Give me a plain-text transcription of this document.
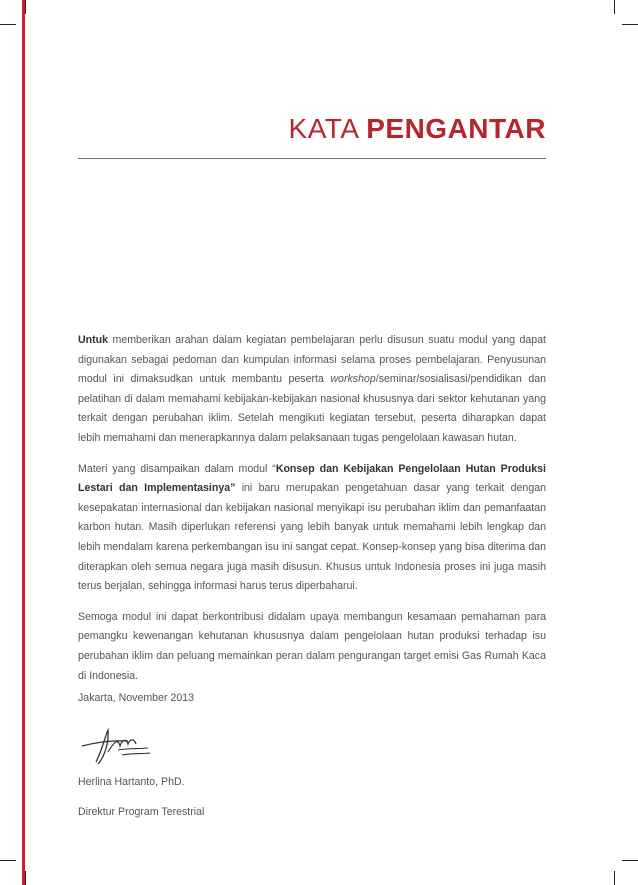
KATA PENGANTAR

Untuk memberikan arahan dalam kegiatan pembelajaran perlu disusun suatu modul yang dapat digunakan sebagai pedoman dan kumpulan informasi selama proses pembelajaran. Penyusunan modul ini dimaksudkan untuk membantu peserta workshop/seminar/sosialisasi/pendidikan dan pelatihan di dalam memahami kebijakan-kebijakan nasional khususnya dari sektor kehutanan yang terkait dengan perubahan iklim. Setelah mengikuti kegiatan tersebut, peserta diharapkan dapat lebih memahami dan menerapkannya dalam pelaksanaan tugas pengelolaan kawasan hutan.

Materi yang disampaikan dalam modul “Konsep dan Kebijakan Pengelolaan Hutan Produksi Lestari dan Implementasinya” ini baru merupakan pengetahuan dasar yang terkait dengan kesepakatan internasional dan kebijakan nasional menyikapi isu perubahan iklim dan pemanfaatan karbon hutan. Masih diperlukan referensi yang lebih banyak untuk memahami lebih lengkap dan lebih mendalam karena perkembangan isu ini sangat cepat. Konsep-konsep yang bisa diterima dan diterapkan oleh semua negara juga masih disusun. Khusus untuk Indonesia proses ini juga masih terus berjalan, sehingga informasi harus terus diperbaharui.

Semoga modul ini dapat berkontribusi didalam upaya membangun kesamaan pemahaman para pemangku kewenangan kehutanan khususnya dalam pengelolaan hutan produksi terhadap isu perubahan iklim dan peluang memainkan peran dalam pengurangan target emisi Gas Rumah Kaca di Indonesia.

Jakarta, November 2013
Herlina Hartanto, PhD.
Direktur Program Terestrial
